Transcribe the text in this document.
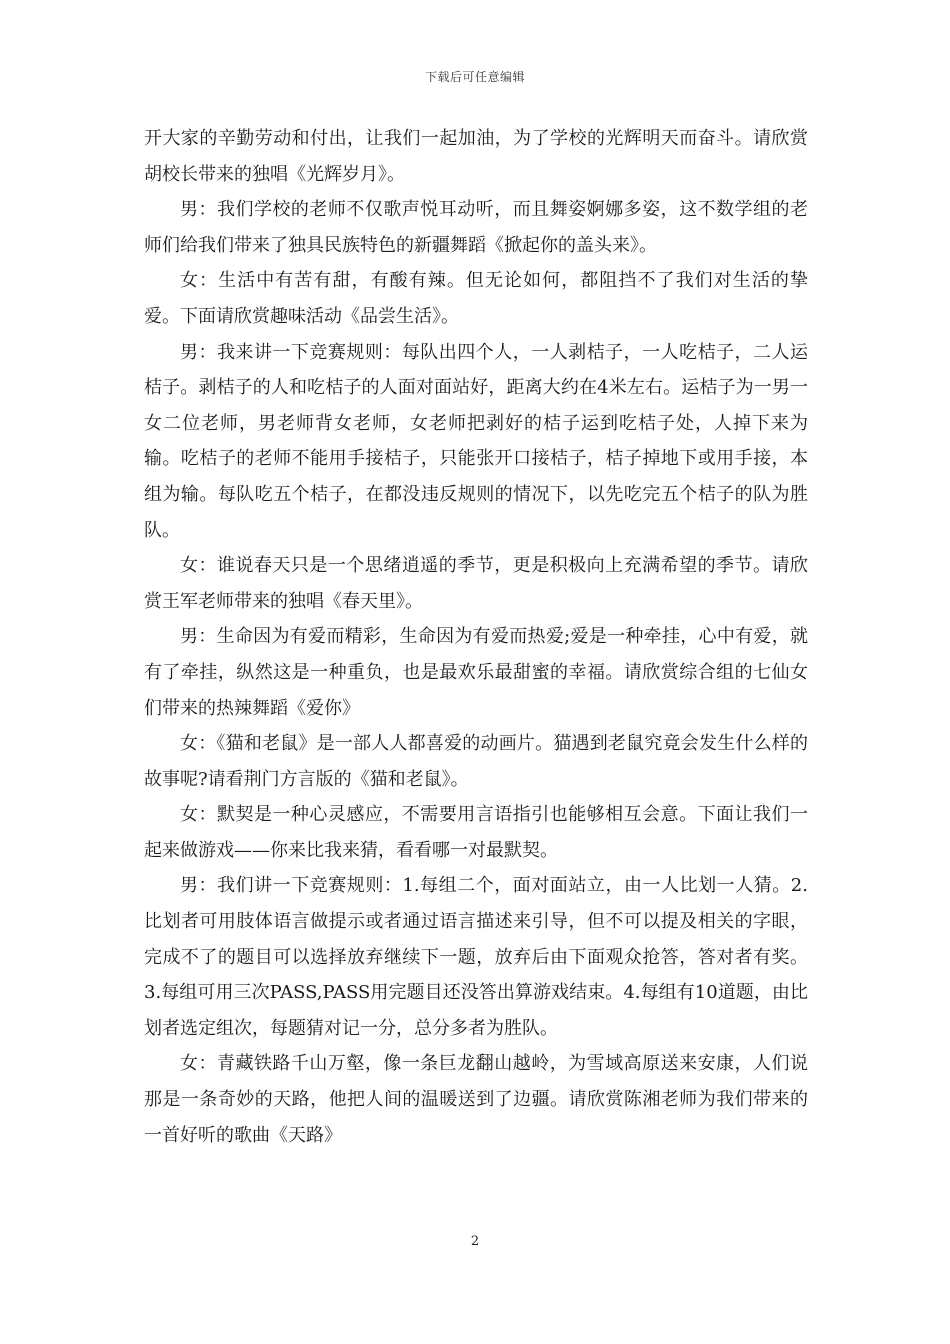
下载后可任意编辑

开大家的辛勤劳动和付出，让我们一起加油，为了学校的光辉明天而奋斗。请欣赏胡校长带来的独唱《光辉岁月》。

男：我们学校的老师不仅歌声悦耳动听，而且舞姿婀娜多姿，这不数学组的老师们给我们带来了独具民族特色的新疆舞蹈《掀起你的盖头来》。

女：生活中有苦有甜，有酸有辣。但无论如何，都阻挡不了我们对生活的挚爱。下面请欣赏趣味活动《品尝生活》。

男：我来讲一下竞赛规则：每队出四个人，一人剥桔子，一人吃桔子，二人运桔子。剥桔子的人和吃桔子的人面对面站好，距离大约在4米左右。运桔子为一男一女二位老师，男老师背女老师，女老师把剥好的桔子运到吃桔子处，人掉下来为输。吃桔子的老师不能用手接桔子，只能张开口接桔子，桔子掉地下或用手接，本组为输。每队吃五个桔子，在都没违反规则的情况下，以先吃完五个桔子的队为胜队。

女：谁说春天只是一个思绪逍遥的季节，更是积极向上充满希望的季节。请欣赏王军老师带来的独唱《春天里》。

男：生命因为有爱而精彩，生命因为有爱而热爱;爱是一种牵挂，心中有爱，就有了牵挂，纵然这是一种重负，也是最欢乐最甜蜜的幸福。请欣赏综合组的七仙女们带来的热辣舞蹈《爱你》

女：《猫和老鼠》是一部人人都喜爱的动画片。猫遇到老鼠究竟会发生什么样的故事呢?请看荆门方言版的《猫和老鼠》。

女：默契是一种心灵感应，不需要用言语指引也能够相互会意。下面让我们一起来做游戏——你来比我来猜，看看哪一对最默契。

男：我们讲一下竞赛规则：1.每组二个，面对面站立，由一人比划一人猜。2.比划者可用肢体语言做提示或者通过语言描述来引导，但不可以提及相关的字眼，完成不了的题目可以选择放弃继续下一题，放弃后由下面观众抢答，答对者有奖。3.每组可用三次PASS,PASS用完题目还没答出算游戏结束。4.每组有10道题，由比划者选定组次，每题猜对记一分，总分多者为胜队。

女：青藏铁路千山万壑，像一条巨龙翻山越岭，为雪域高原送来安康，人们说那是一条奇妙的天路，他把人间的温暖送到了边疆。请欣赏陈湘老师为我们带来的一首好听的歌曲《天路》

2
